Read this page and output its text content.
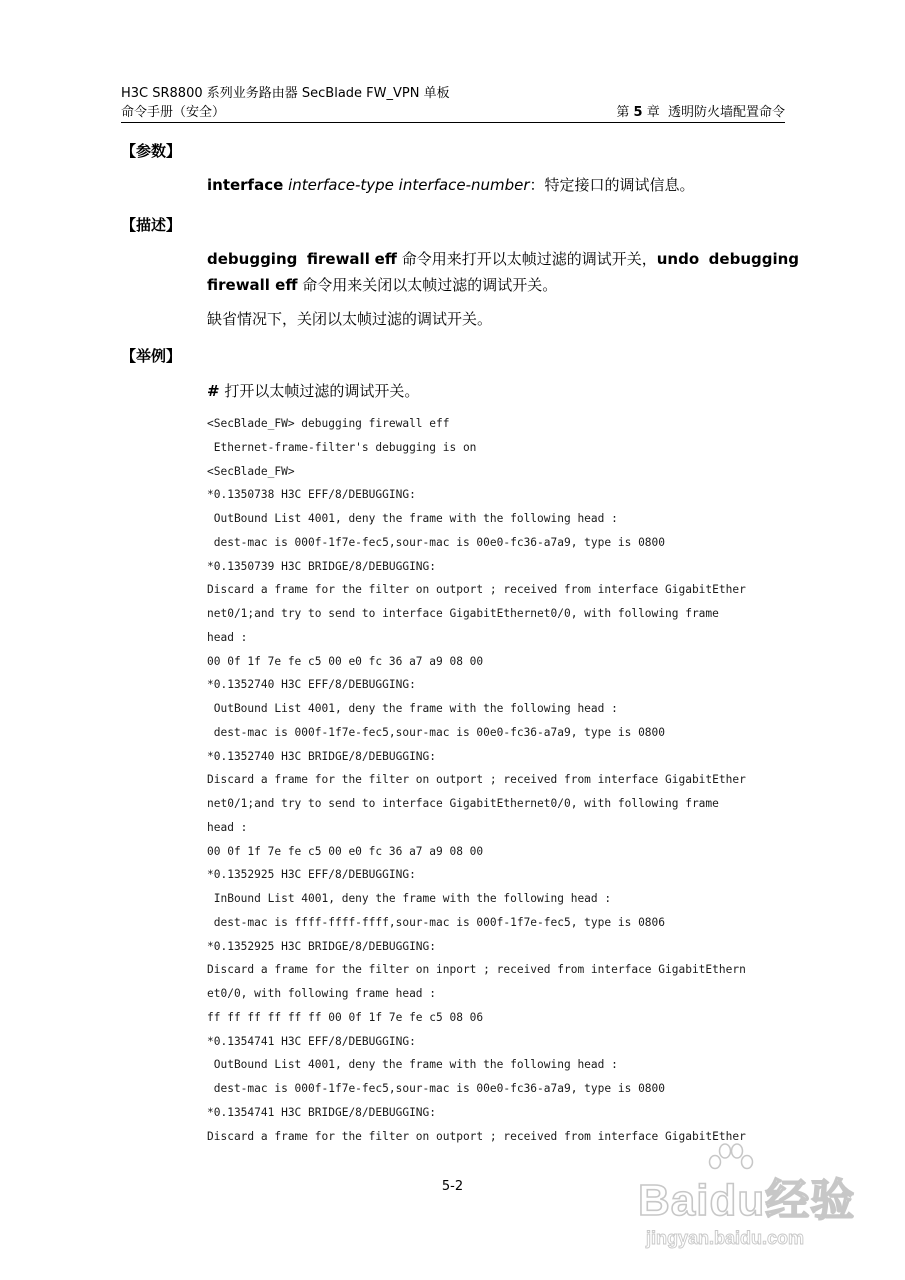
H3C SR8800 系列业务路由器 SecBlade FW_VPN 单板
命令手册（安全）	第 5 章 透明防火墙配置命令
【参数】
interface interface-type interface-number：特定接口的调试信息。
【描述】
debugging firewall eff 命令用来打开以太帧过滤的调试开关，undo debugging
firewall eff 命令用来关闭以太帧过滤的调试开关。
缺省情况下，关闭以太帧过滤的调试开关。
【举例】
# 打开以太帧过滤的调试开关。
<SecBlade_FW> debugging firewall eff
Ethernet-frame-filter's debugging is on
<SecBlade_FW>
*0.1350738 H3C EFF/8/DEBUGGING:
OutBound List 4001, deny the frame with the following head :
dest-mac is 000f-1f7e-fec5,sour-mac is 00e0-fc36-a7a9, type is 0800
*0.1350739 H3C BRIDGE/8/DEBUGGING:
Discard a frame for the filter on outport ; received from interface GigabitEther
net0/1;and try to send to interface GigabitEthernet0/0, with following frame
head :
00 0f 1f 7e fe c5 00 e0 fc 36 a7 a9 08 00
*0.1352740 H3C EFF/8/DEBUGGING:
OutBound List 4001, deny the frame with the following head :
dest-mac is 000f-1f7e-fec5,sour-mac is 00e0-fc36-a7a9, type is 0800
*0.1352740 H3C BRIDGE/8/DEBUGGING:
Discard a frame for the filter on outport ; received from interface GigabitEther
net0/1;and try to send to interface GigabitEthernet0/0, with following frame
head :
00 0f 1f 7e fe c5 00 e0 fc 36 a7 a9 08 00
*0.1352925 H3C EFF/8/DEBUGGING:
InBound List 4001, deny the frame with the following head :
dest-mac is ffff-ffff-ffff,sour-mac is 000f-1f7e-fec5, type is 0806
*0.1352925 H3C BRIDGE/8/DEBUGGING:
Discard a frame for the filter on inport ; received from interface GigabitEthern
et0/0, with following frame head :
ff ff ff ff ff ff 00 0f 1f 7e fe c5 08 06
*0.1354741 H3C EFF/8/DEBUGGING:
OutBound List 4001, deny the frame with the following head :
dest-mac is 000f-1f7e-fec5,sour-mac is 00e0-fc36-a7a9, type is 0800
*0.1354741 H3C BRIDGE/8/DEBUGGING:
Discard a frame for the filter on outport ; received from interface GigabitEther
5-2	Baidu经验
jingyan.baidu.com
